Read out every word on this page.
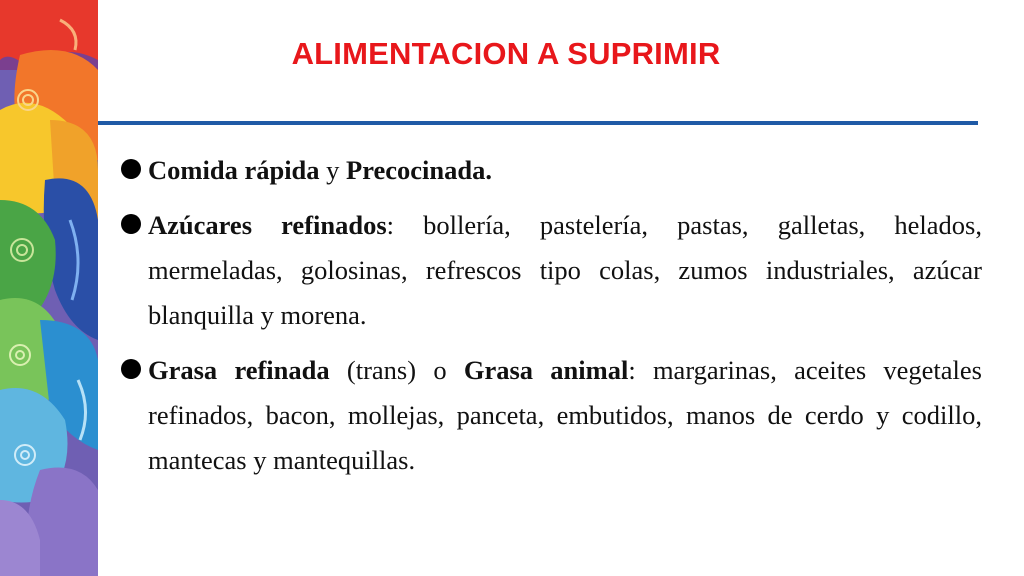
ALIMENTACION A SUPRIMIR
Comida rápida y Precocinada.
Azúcares refinados: bollería, pastelería, pastas, galletas, helados, mermeladas, golosinas, refrescos tipo colas, zumos industriales, azúcar blanquilla y morena.
Grasa refinada (trans) o Grasa animal: margarinas, aceites vegetales refinados, bacon, mollejas, panceta, embutidos, manos de cerdo y codillo, mantecas y mantequillas.
